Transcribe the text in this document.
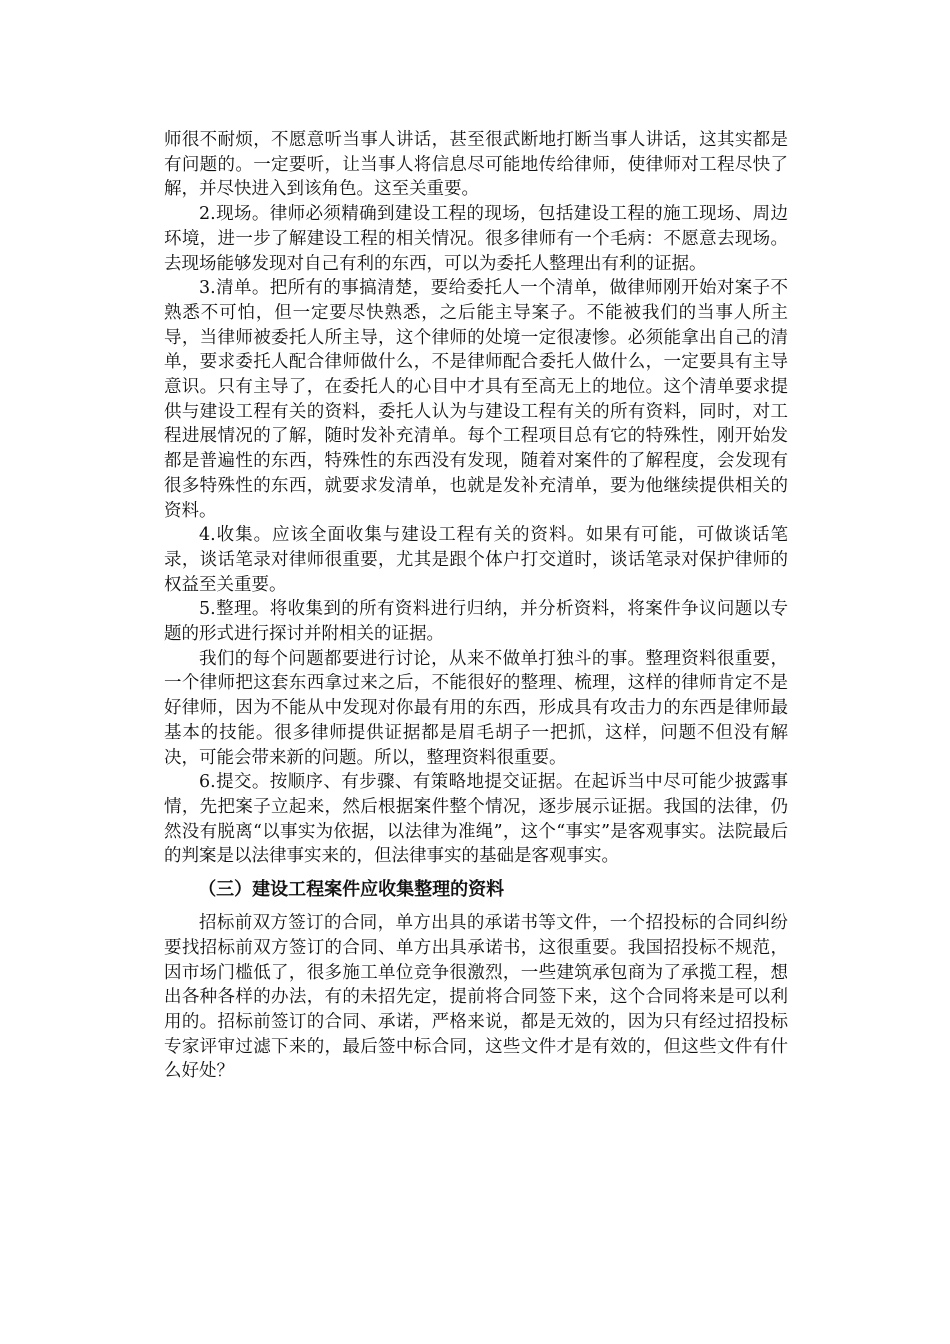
师很不耐烦，不愿意听当事人讲话，甚至很武断地打断当事人讲话，这其实都是有问题的。一定要听，让当事人将信息尽可能地传给律师，使律师对工程尽快了解，并尽快进入到该角色。这至关重要。

2.现场。律师必须精确到建设工程的现场，包括建设工程的施工现场、周边环境，进一步了解建设工程的相关情况。很多律师有一个毛病：不愿意去现场。去现场能够发现对自己有利的东西，可以为委托人整理出有利的证据。

3.清单。把所有的事搞清楚，要给委托人一个清单，做律师刚开始对案子不熟悉不可怕，但一定要尽快熟悉，之后能主导案子。不能被我们的当事人所主导，当律师被委托人所主导，这个律师的处境一定很凄惨。必须能拿出自己的清单，要求委托人配合律师做什么，不是律师配合委托人做什么，一定要具有主导意识。只有主导了，在委托人的心目中才具有至高无上的地位。这个清单要求提供与建设工程有关的资料，委托人认为与建设工程有关的所有资料，同时，对工程进展情况的了解，随时发补充清单。每个工程项目总有它的特殊性，刚开始发都是普遍性的东西，特殊性的东西没有发现，随着对案件的了解程度，会发现有很多特殊性的东西，就要求发清单，也就是发补充清单，要为他继续提供相关的资料。

4.收集。应该全面收集与建设工程有关的资料。如果有可能，可做谈话笔录，谈话笔录对律师很重要，尤其是跟个体户打交道时，谈话笔录对保护律师的权益至关重要。

5.整理。将收集到的所有资料进行归纳，并分析资料，将案件争议问题以专题的形式进行探讨并附相关的证据。

我们的每个问题都要进行讨论，从来不做单打独斗的事。整理资料很重要，一个律师把这套东西拿过来之后，不能很好的整理、梳理，这样的律师肯定不是好律师，因为不能从中发现对你最有用的东西，形成具有攻击力的东西是律师最基本的技能。很多律师提供证据都是眉毛胡子一把抓，这样，问题不但没有解决，可能会带来新的问题。所以，整理资料很重要。

6.提交。按顺序、有步骤、有策略地提交证据。在起诉当中尽可能少披露事情，先把案子立起来，然后根据案件整个情况，逐步展示证据。我国的法律，仍然没有脱离“以事实为依据，以法律为准绳”，这个“事实”是客观事实。法院最后的判案是以法律事实来的，但法律事实的基础是客观事实。

（三）建设工程案件应收集整理的资料

招标前双方签订的合同，单方出具的承诺书等文件，一个招投标的合同纠纷要找招标前双方签订的合同、单方出具承诺书，这很重要。我国招投标不规范，因市场门槛低了，很多施工单位竞争很激烈，一些建筑承包商为了承揽工程，想出各种各样的办法，有的未招先定，提前将合同签下来，这个合同将来是可以利用的。招标前签订的合同、承诺，严格来说，都是无效的，因为只有经过招投标专家评审过滤下来的，最后签中标合同，这些文件才是有效的，但这些文件有什么好处？
